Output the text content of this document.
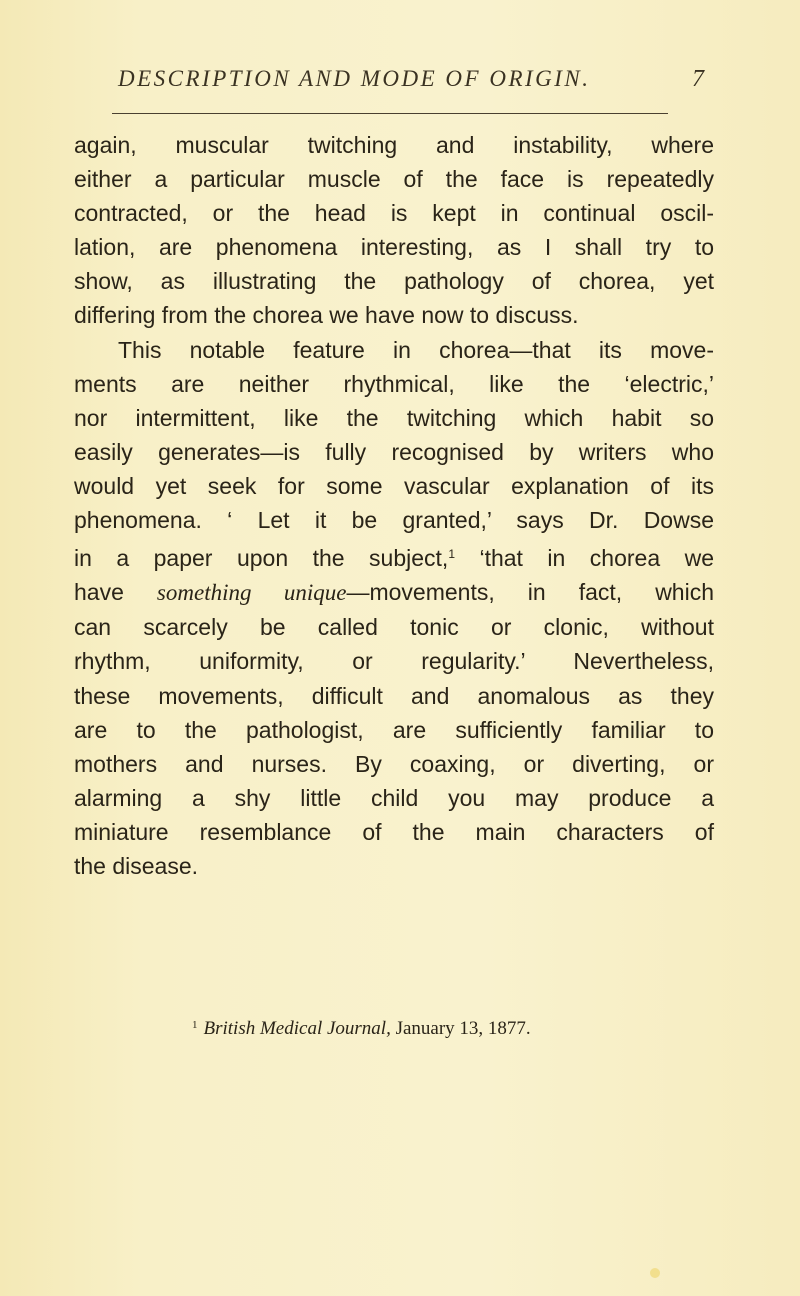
DESCRIPTION AND MODE OF ORIGIN.	7
again, muscular twitching and instability, where
either a particular muscle of the face is repeatedly
contracted, or the head is kept in continual oscil-
lation, are phenomena interesting, as I shall try to
show, as illustrating the pathology of chorea, yet
differing from the chorea we have now to discuss.
This notable feature in chorea—that its move-
ments are neither rhythmical, like the ‘electric,’
nor intermittent, like the twitching which habit so
easily generates—is fully recognised by writers who
would yet seek for some vascular explanation of its
phenomena. ‘ Let it be granted,’ says Dr. Dowse
in a paper upon the subject,$^1$ ‘that in chorea we
have something unique—movements, in fact, which
can scarcely be called tonic or clonic, without
rhythm, uniformity, or regularity.’ Nevertheless,
these movements, difficult and anomalous as they
are to the pathologist, are sufficiently familiar to
mothers and nurses. By coaxing, or diverting, or
alarming a shy little child you may produce a
miniature resemblance of the main characters of
the disease.
$^1$ British Medical Journal, January 13, 1877.
